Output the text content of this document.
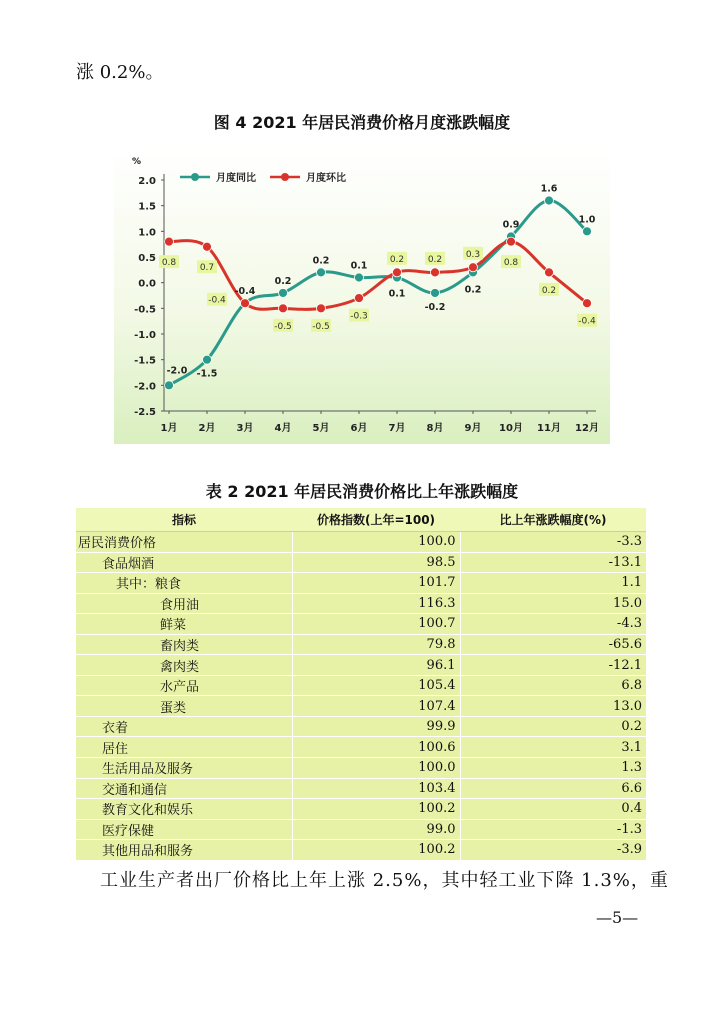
涨 0.2%。
图 4 2021 年居民消费价格月度涨跌幅度
%
2.0
1.5
1.0
0.5
0.0
-0.5
-1.0
-1.5
-2.0
-2.5
1月 2月 3月 4月 5月 6月 7月 8月 9月 10月 11月 12月
月度同比	月度环比
-2.0 -1.5
-0.4
0.2
0.2 0.1
0.1
-0.2
0.2
0.9
1.6
1.0
0.8
0.7
-0.4
-0.5 -0.5
-0.3
0.2	0.2
0.3
0.8
0.2
-0.4
表 2 2021 年居民消费价格比上年涨跌幅度
指标	价格指数(上年=100)	比上年涨跌幅度(%)
居民消费价格	100.0	-3.3
食品烟酒	98.5	-13.1
其中：粮食	101.7	1.1
食用油	116.3	15.0
鲜菜	100.7	-4.3
畜肉类	79.8	-65.6
禽肉类	96.1	-12.1
水产品	105.4	6.8
蛋类	107.4	13.0
衣着	99.9	0.2
居住	100.6	3.1
生活用品及服务	100.0	1.3
交通和通信	103.4	6.6
教育文化和娱乐	100.2	0.4
医疗保健	99.0	-1.3
其他用品和服务	100.2	-3.9
工业生产者出厂价格比上年上涨 2.5%，其中轻工业下降 1.3%，重
—5—
